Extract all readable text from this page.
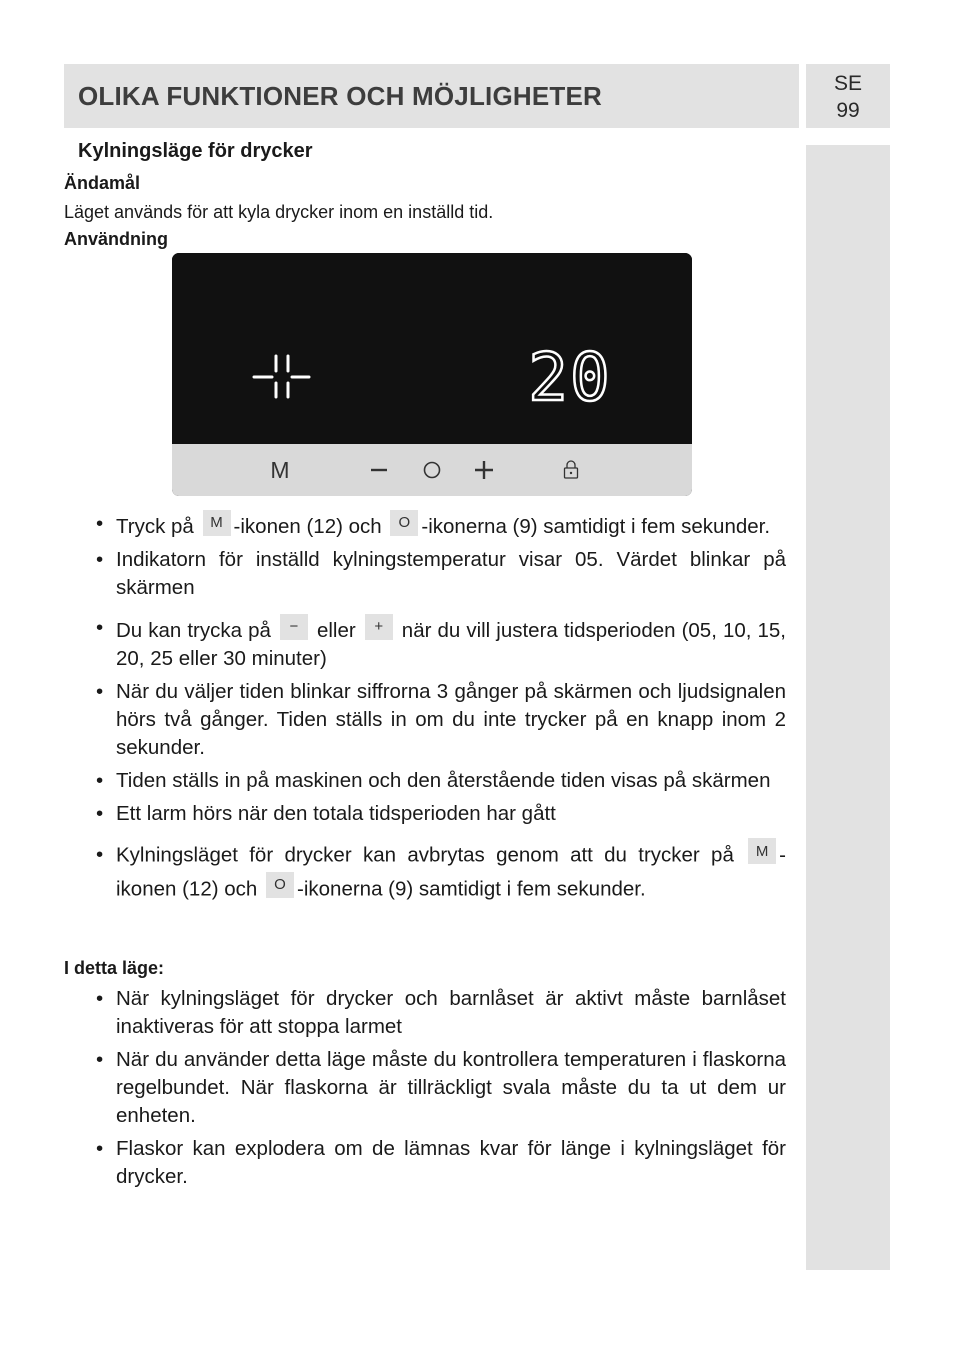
OLIKA FUNKTIONER OCH MÖJLIGHETER	SE
99
Kylningsläge för drycker
Ändamål
Läget används för att kyla drycker inom en inställd tid.
Användning
20
M
• Tryck på M -ikonen (12) och O -ikonerna (9) samtidigt i fem sekunder.
• Indikatorn för inställd kylningstemperatur visar 05. Värdet blinkar på skärmen
• Du kan trycka på − eller + när du vill justera tidsperioden (05, 10, 15, 20, 25 eller 30 minuter)
• När du väljer tiden blinkar siffrorna 3 gånger på skärmen och ljudsignalen hörs två gånger. Tiden ställs in om du inte trycker på en knapp inom 2 sekunder.
• Tiden ställs in på maskinen och den återstående tiden visas på skärmen
• Ett larm hörs när den totala tidsperioden har gått
• Kylningsläget för drycker kan avbrytas genom att du trycker på M -ikonen (12) och O -ikonerna (9) samtidigt i fem sekunder.
I detta läge:
• När kylningsläget för drycker och barnlåset är aktivt måste barnlåset inaktiveras för att stoppa larmet
• När du använder detta läge måste du kontrollera temperaturen i flaskorna regelbundet. När flaskorna är tillräckligt svala måste du ta ut dem ur enheten.
• Flaskor kan explodera om de lämnas kvar för länge i kylningsläget för drycker.
